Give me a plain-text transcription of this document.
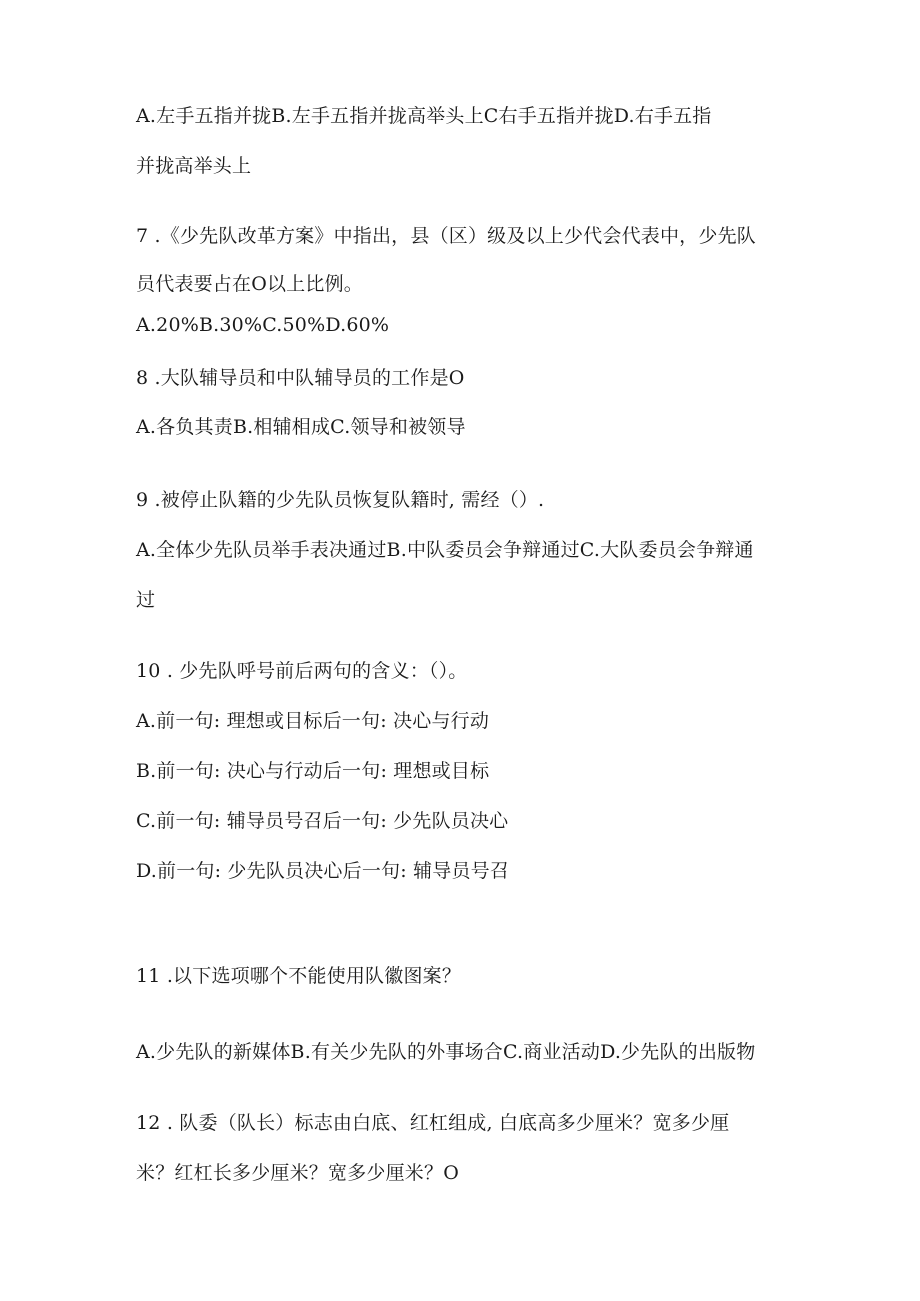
A.左手五指并拢B.左手五指并拢高举头上C右手五指并拢D.右手五指
并拢高举头上
7 .《少先队改革方案》中指出，县（区）级及以上少代会代表中，少先队
员代表要占在O以上比例。
A.20%B.30%C.50%D.60%
8 .大队辅导员和中队辅导员的工作是O
A.各负其责B.相辅相成C.领导和被领导
9 .被停止队籍的少先队员恢复队籍时, 需经（）.
A.全体少先队员举手表决通过B.中队委员会争辩通过C.大队委员会争辩通
过
10 . 少先队呼号前后两句的含义：（）。
A.前一句: 理想或目标后一句: 决心与行动
B.前一句: 决心与行动后一句: 理想或目标
C.前一句: 辅导员号召后一句: 少先队员决心
D.前一句: 少先队员决心后一句: 辅导员号召
11 .以下选项哪个不能使用队徽图案？
A.少先队的新媒体B.有关少先队的外事场合C.商业活动D.少先队的出版物
12 . 队委（队长）标志由白底、红杠组成, 白底高多少厘米？宽多少厘
米？红杠长多少厘米？宽多少厘米？O
